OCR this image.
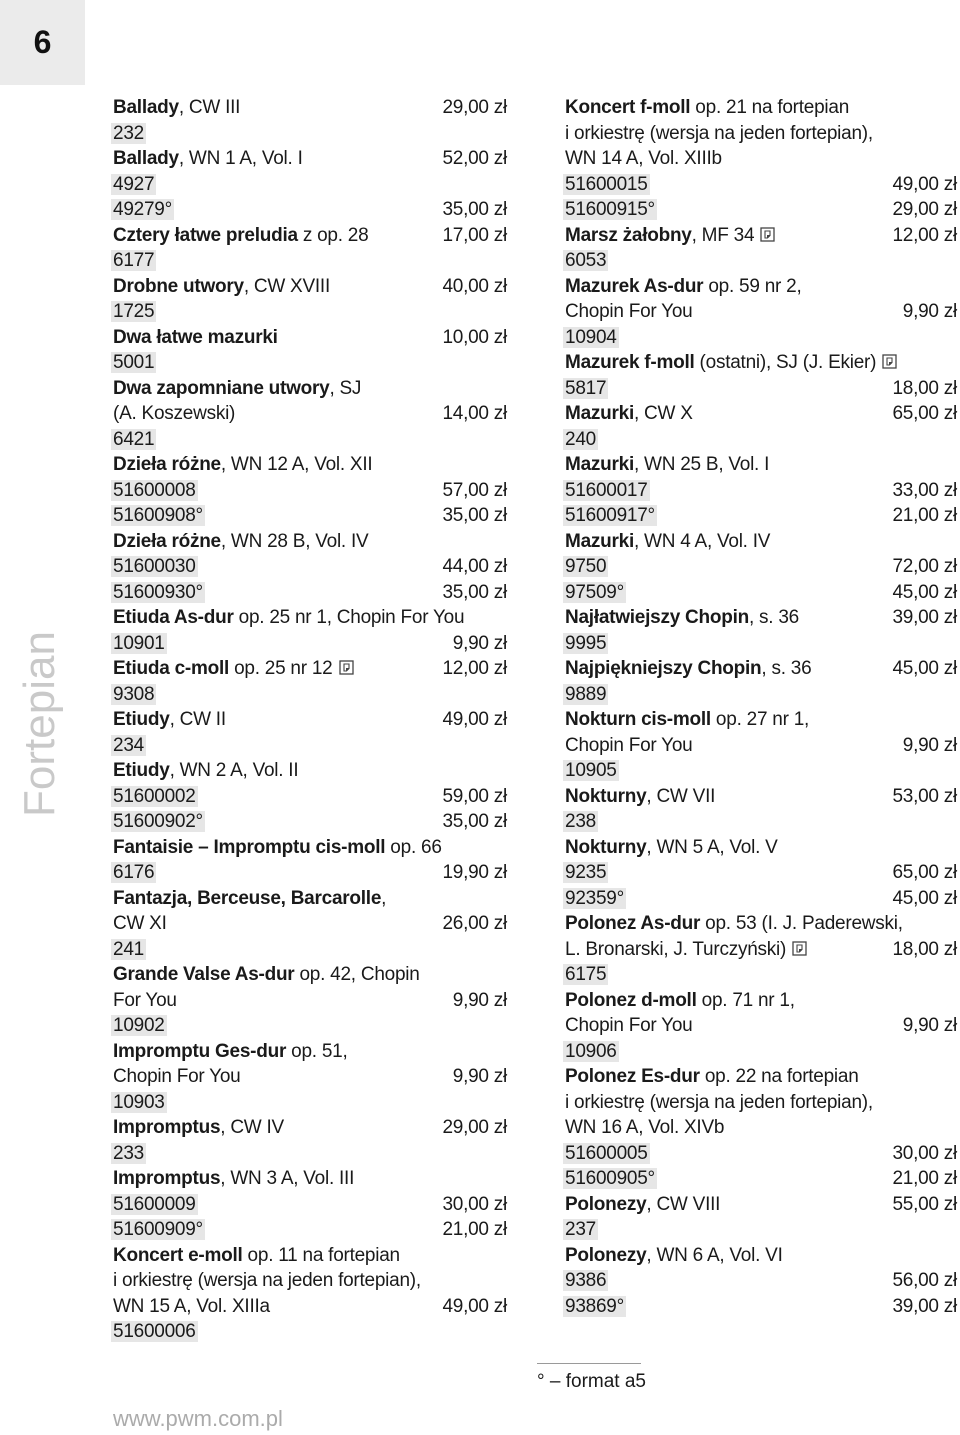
6
Fortepian
Ballady, CW III	29,00 zł
232
Ballady, WN 1 A, Vol. I	52,00 zł
4927
49279°	35,00 zł
Cztery łatwe preludia z op. 28	17,00 zł
6177
Drobne utwory, CW XVIII	40,00 zł
1725
Dwa łatwe mazurki	10,00 zł
5001
Dwa zapomniane utwory, SJ
(A. Koszewski)	14,00 zł
6421
Dzieła różne, WN 12 A, Vol. XII
51600008	57,00 zł
51600908°	35,00 zł
Dzieła różne, WN 28 B, Vol. IV
51600030	44,00 zł
51600930°	35,00 zł
Etiuda As-dur op. 25 nr 1, Chopin For You
10901	9,90 zł
Etiuda c-moll op. 25 nr 12	12,00 zł
9308
Etiudy, CW II	49,00 zł
234
Etiudy, WN 2 A, Vol. II
51600002	59,00 zł
51600902°	35,00 zł
Fantaisie – Impromptu cis-moll op. 66
6176	19,90 zł
Fantazja, Berceuse, Barcarolle,
CW XI	26,00 zł
241
Grande Valse As-dur op. 42, Chopin
For You	9,90 zł
10902
Impromptu Ges-dur op. 51,
Chopin For You	9,90 zł
10903
Impromptus, CW IV	29,00 zł
233
Impromptus, WN 3 A, Vol. III
51600009	30,00 zł
51600909°	21,00 zł
Koncert e-moll op. 11 na fortepian
i orkiestrę (wersja na jeden fortepian),
WN 15 A, Vol. XIIIa	49,00 zł
51600006
Koncert f-moll op. 21 na fortepian
i orkiestrę (wersja na jeden fortepian),
WN 14 A, Vol. XIIIb
51600015	49,00 zł
51600915°	29,00 zł
Marsz żałobny, MF 34	12,00 zł
6053
Mazurek As-dur op. 59 nr 2,
Chopin For You	9,90 zł
10904
Mazurek f-moll (ostatni), SJ (J. Ekier)
5817	18,00 zł
Mazurki, CW X	65,00 zł
240
Mazurki, WN 25 B, Vol. I
51600017	33,00 zł
51600917°	21,00 zł
Mazurki, WN 4 A, Vol. IV
9750	72,00 zł
97509°	45,00 zł
Najłatwiejszy Chopin, s. 36	39,00 zł
9995
Najpiękniejszy Chopin, s. 36	45,00 zł
9889
Nokturn cis-moll op. 27 nr 1,
Chopin For You	9,90 zł
10905
Nokturny, CW VII	53,00 zł
238
Nokturny, WN 5 A, Vol. V
9235	65,00 zł
92359°	45,00 zł
Polonez As-dur op. 53 (I. J. Paderewski,
L. Bronarski, J. Turczyński)	18,00 zł
6175
Polonez d-moll op. 71 nr 1,
Chopin For You	9,90 zł
10906
Polonez Es-dur op. 22 na fortepian
i orkiestrę (wersja na jeden fortepian),
WN 16 A, Vol. XIVb
51600005	30,00 zł
51600905°	21,00 zł
Polonezy, CW VIII	55,00 zł
237
Polonezy, WN 6 A, Vol. VI
9386	56,00 zł
93869°	39,00 zł
° – format a5
www.pwm.com.pl
